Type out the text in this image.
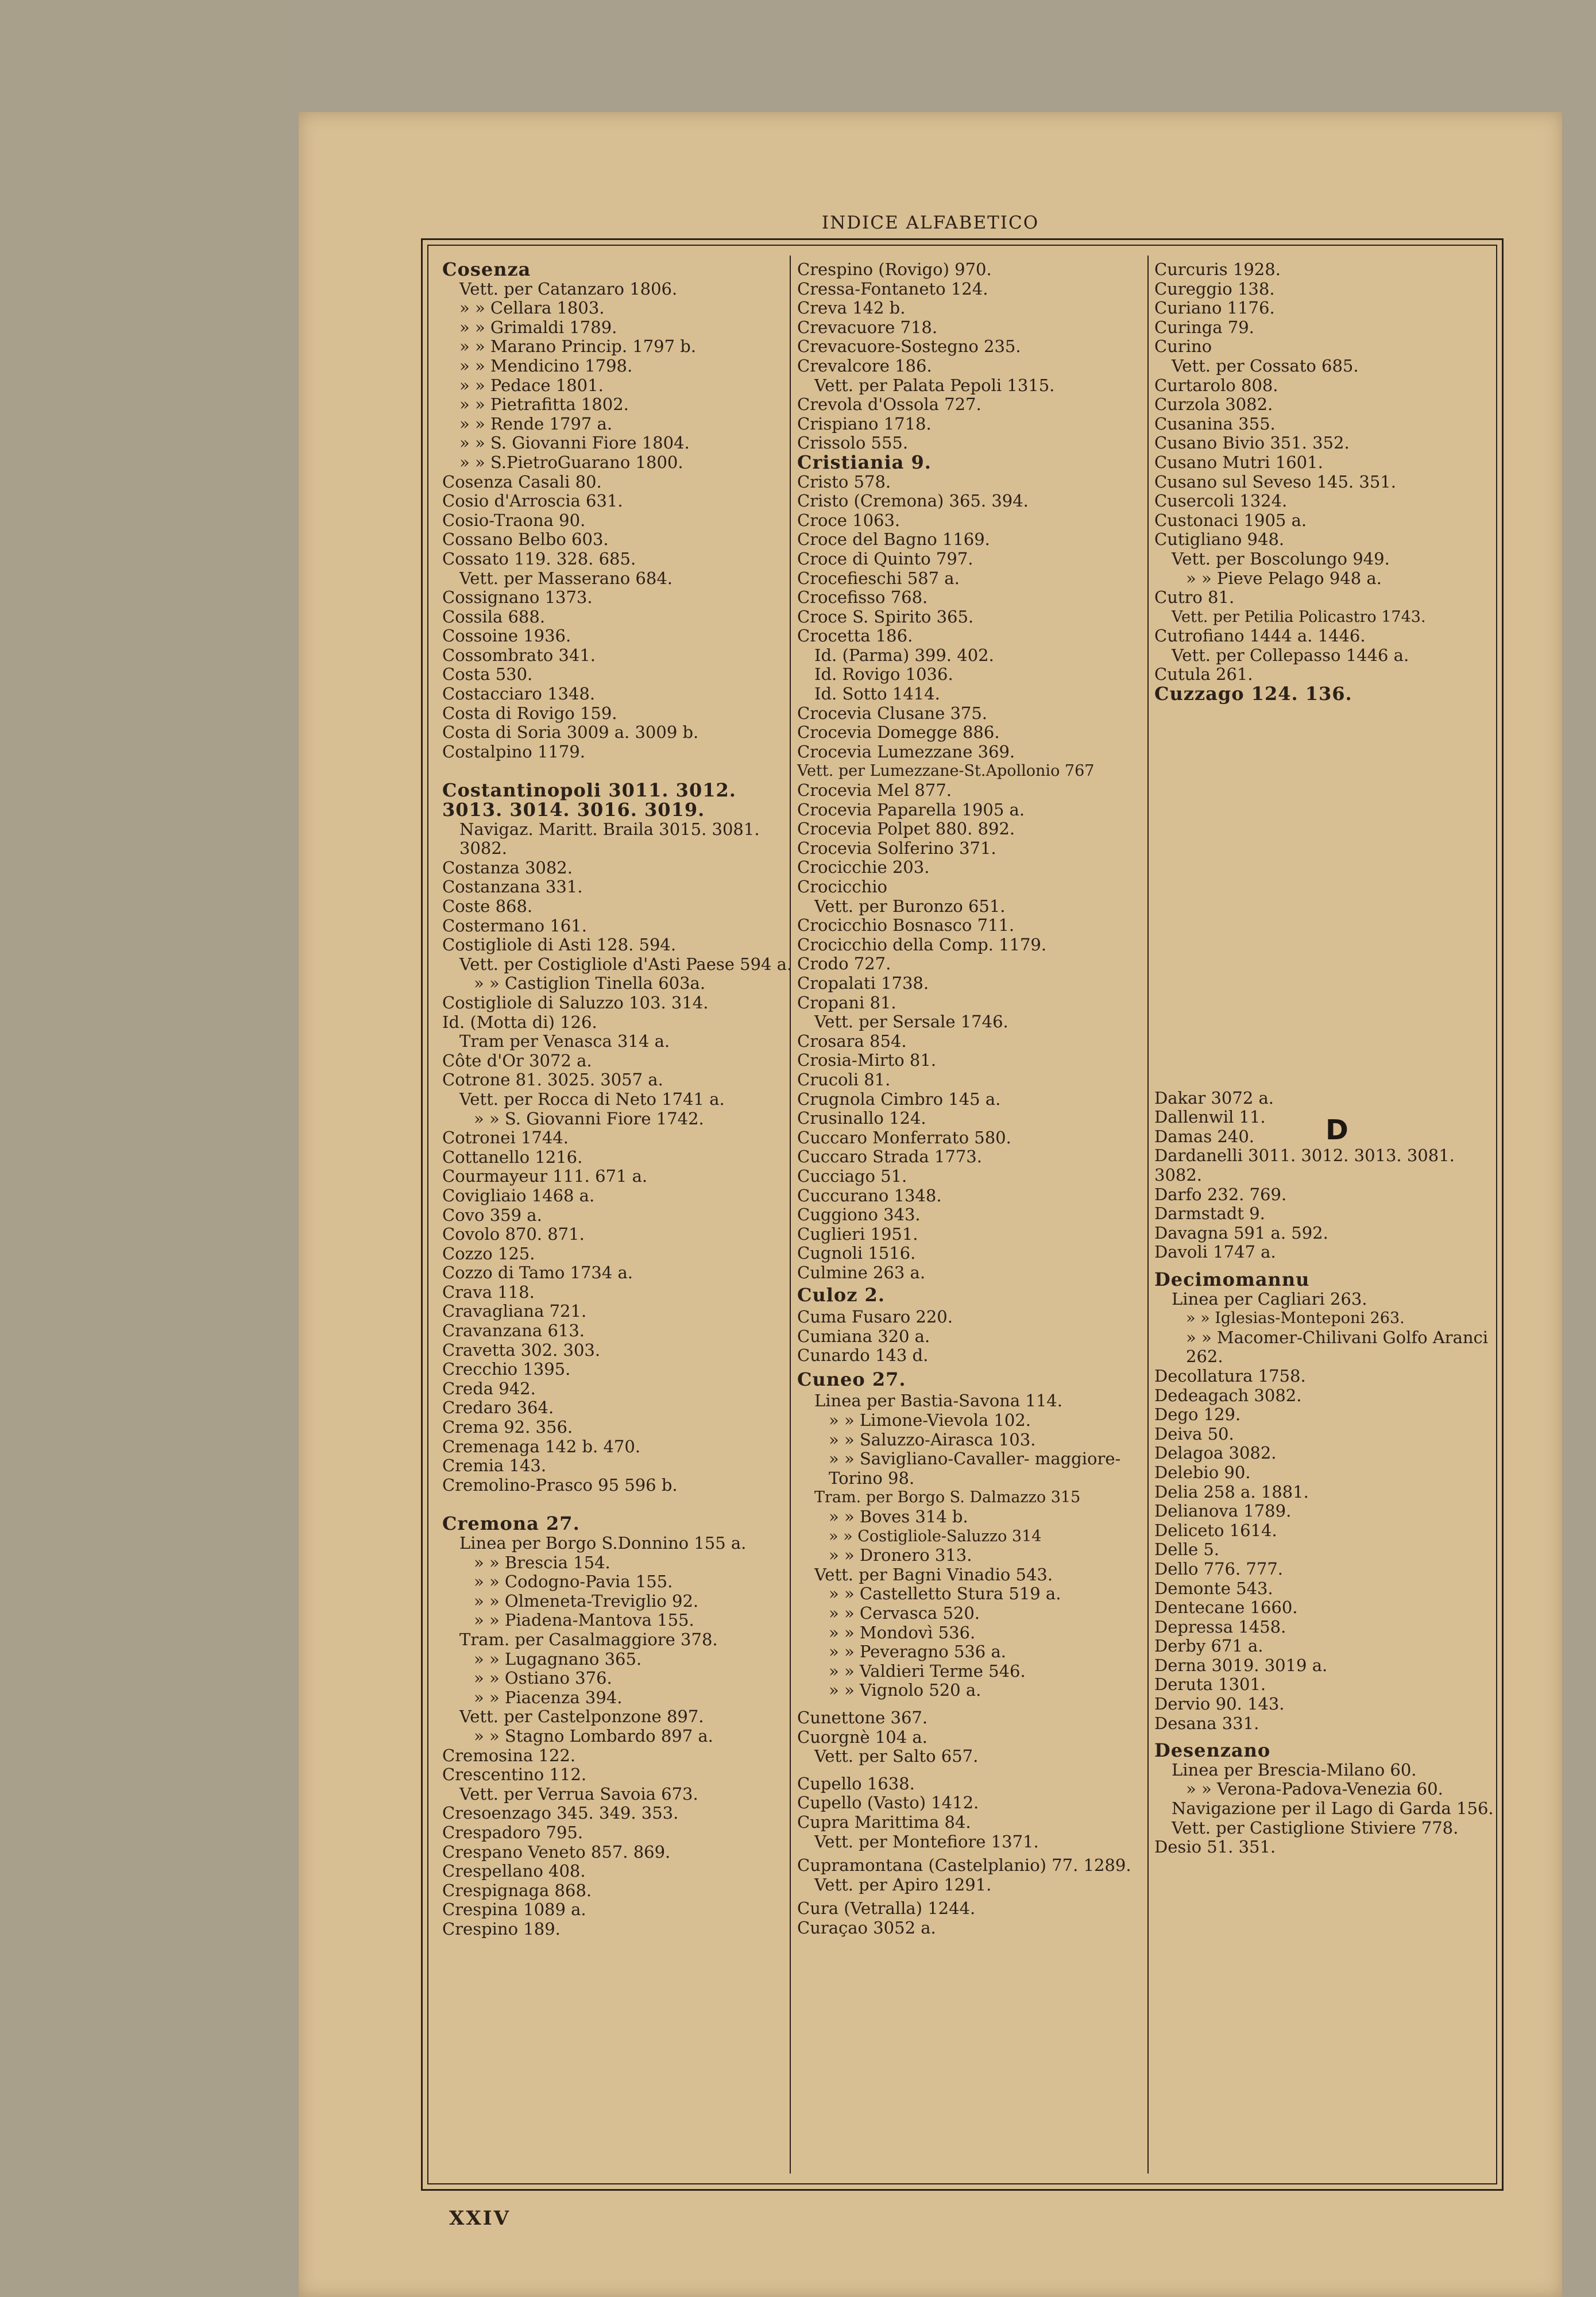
INDICE ALFABETICO
Cosenza
Vett. per Catanzaro 1806.
» » Cellara 1803.
» » Grimaldi 1789.
» » Marano Princip. 1797 b.
» » Mendicino 1798.
» » Pedace 1801.
» » Pietrafitta 1802.
» » Rende 1797 a.
» » S. Giovanni Fiore 1804.
» » S.PietroGuarano 1800.
Cosenza Casali 80.
Cosio d'Arroscia 631.
Cosio-Traona 90.
Cossano Belbo 603.
Cossato 119. 328. 685.
Vett. per Masserano 684.
Cossignano 1373.
Cossila 688.
Cossoine 1936.
Cossombrato 341.
Costa 530.
Costacciaro 1348.
Costa di Rovigo 159.
Costa di Soria 3009 a. 3009 b.
Costalpino 1179.
Costantinopoli 3011. 3012. 3013. 3014. 3016. 3019.
Navigaz. Maritt. Braila 3015. 3081. 3082.
Costanza 3082.
Costanzana 331.
Coste 868.
Costermano 161.
Costigliole di Asti 128. 594.
Vett. per Costigliole d'Asti Paese 594 a.
» » Castiglion Tinella 603a.
Costigliole di Saluzzo 103. 314.
Id. (Motta di) 126.
Tram per Venasca 314 a.
Côte d'Or 3072 a.
Cotrone 81. 3025. 3057 a.
Vett. per Rocca di Neto 1741 a.
» » S. Giovanni Fiore 1742.
Cotronei 1744.
Cottanello 1216.
Courmayeur 111. 671 a.
Covigliaio 1468 a.
Covo 359 a.
Covolo 870. 871.
Cozzo 125.
Cozzo di Tamo 1734 a.
Crava 118.
Cravagliana 721.
Cravanzana 613.
Cravetta 302. 303.
Crecchio 1395.
Creda 942.
Credaro 364.
Crema 92. 356.
Cremenaga 142 b. 470.
Cremia 143.
Cremolino-Prasco 95 596 b.
Cremona 27.
Linea per Borgo S.Donnino 155 a.
» » Brescia 154.
» » Codogno-Pavia 155.
» » Olmeneta-Treviglio 92.
» » Piadena-Mantova 155.
Tram. per Casalmaggiore 378.
» » Lugagnano 365.
» » Ostiano 376.
» » Piacenza 394.
Vett. per Castelponzone 897.
» » Stagno Lombardo 897 a.
Cremosina 122.
Crescentino 112.
Vett. per Verrua Savoia 673.
Cresoenzago 345. 349. 353.
Crespadoro 795.
Crespano Veneto 857. 869.
Crespellano 408.
Crespignaga 868.
Crespina 1089 a.
Crespino 189.
Crespino (Rovigo) 970.
Cressa-Fontaneto 124.
Creva 142 b.
Crevacuore 718.
Crevacuore-Sostegno 235.
Crevalcore 186.
Vett. per Palata Pepoli 1315.
Crevola d'Ossola 727.
Crispiano 1718.
Crissolo 555.
Cristiania 9.
Cristo 578.
Cristo (Cremona) 365. 394.
Croce 1063.
Croce del Bagno 1169.
Croce di Quinto 797.
Crocefieschi 587 a.
Crocefisso 768.
Croce S. Spirito 365.
Crocetta 186.
Id. (Parma) 399. 402.
Id. Rovigo 1036.
Id. Sotto 1414.
Crocevia Clusane 375.
Crocevia Domegge 886.
Crocevia Lumezzane 369.
Vett. per Lumezzane-St.Apollonio 767
Crocevia Mel 877.
Crocevia Paparella 1905 a.
Crocevia Polpet 880. 892.
Crocevia Solferino 371.
Crocicchie 203.
Crocicchio
Vett. per Buronzo 651.
Crocicchio Bosnasco 711.
Crocicchio della Comp. 1179.
Crodo 727.
Cropalati 1738.
Cropani 81.
Vett. per Sersale 1746.
Crosara 854.
Crosia-Mirto 81.
Crucoli 81.
Crugnola Cimbro 145 a.
Crusinallo 124.
Cuccaro Monferrato 580.
Cuccaro Strada 1773.
Cucciago 51.
Cuccurano 1348.
Cuggiono 343.
Cuglieri 1951.
Cugnoli 1516.
Culmine 263 a.
Culoz 2.
Cuma Fusaro 220.
Cumiana 320 a.
Cunardo 143 d.
Cuneo 27.
Linea per Bastia-Savona 114.
» » Limone-Vievola 102.
» » Saluzzo-Airasca 103.
» » Savigliano-Cavaller- maggiore-Torino 98.
Tram. per Borgo S. Dalmazzo 315
» » Boves 314 b.
» » Costigliole-Saluzzo 314
» » Dronero 313.
Vett. per Bagni Vinadio 543.
» » Castelletto Stura 519 a.
» » Cervasca 520.
» » Mondovì 536.
» » Peveragno 536 a.
» » Valdieri Terme 546.
» » Vignolo 520 a.
Cunettone 367.
Cuorgnè 104 a.
Vett. per Salto 657.
Cupello 1638.
Cupello (Vasto) 1412.
Cupra Marittima 84.
Vett. per Montefiore 1371.
Cupramontana (Castelplanio) 77. 1289.
Vett. per Apiro 1291.
Cura (Vetralla) 1244.
Curaçao 3052 a.
Curcuris 1928.
Cureggio 138.
Curiano 1176.
Curinga 79.
Curino
Vett. per Cossato 685.
Curtarolo 808.
Curzola 3082.
Cusanina 355.
Cusano Bivio 351. 352.
Cusano Mutri 1601.
Cusano sul Seveso 145. 351.
Cusercoli 1324.
Custonaci 1905 a.
Cutigliano 948.
Vett. per Boscolungo 949.
» » Pieve Pelago 948 a.
Cutro 81.
Vett. per Petilia Policastro 1743.
Cutrofiano 1444 a. 1446.
Vett. per Collepasso 1446 a.
Cutula 261.
Cuzzago 124. 136.
Dakar 3072 a.
Dallenwil 11.
Damas 240.
Dardanelli 3011. 3012. 3013. 3081. 3082.
Darfo 232. 769.
Darmstadt 9.
Davagna 591 a. 592.
Davoli 1747 a.
Decimomannu
Linea per Cagliari 263.
» » Iglesias-Monteponi 263.
» » Macomer-Chilivani Golfo Aranci 262.
Decollatura 1758.
Dedeagach 3082.
Dego 129.
Deiva 50.
Delagoa 3082.
Delebio 90.
Delia 258 a. 1881.
Delianova 1789.
Deliceto 1614.
Delle 5.
Dello 776. 777.
Demonte 543.
Dentecane 1660.
Depressa 1458.
Derby 671 a.
Derna 3019. 3019 a.
Deruta 1301.
Dervio 90. 143.
Desana 331.
Desenzano
Linea per Brescia-Milano 60.
» » Verona-Padova-Venezia 60.
Navigazione per il Lago di Garda 156.
Vett. per Castiglione Stiviere 778.
Desio 51. 351.
D
XXIV
